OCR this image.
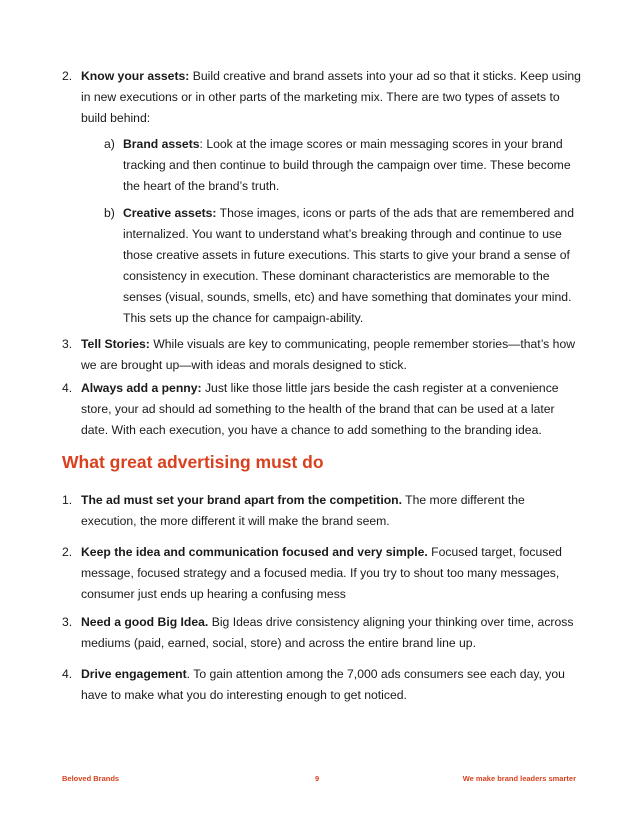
2. Know your assets: Build creative and brand assets into your ad so that it sticks. Keep using in new executions or in other parts of the marketing mix. There are two types of assets to build behind:
a) Brand assets: Look at the image scores or main messaging scores in your brand tracking and then continue to build through the campaign over time. These become the heart of the brand’s truth.
b) Creative assets: Those images, icons or parts of the ads that are remembered and internalized. You want to understand what’s breaking through and continue to use those creative assets in future executions. This starts to give your brand a sense of consistency in execution. These dominant characteristics are memorable to the senses (visual, sounds, smells, etc) and have something that dominates your mind. This sets up the chance for campaign-ability.
3. Tell Stories: While visuals are key to communicating, people remember stories—that’s how we are brought up—with ideas and morals designed to stick.
4. Always add a penny: Just like those little jars beside the cash register at a convenience store, your ad should ad something to the health of the brand that can be used at a later date. With each execution, you have a chance to add something to the branding idea.
What great advertising must do
1. The ad must set your brand apart from the competition. The more different the execution, the more different it will make the brand seem.
2. Keep the idea and communication focused and very simple. Focused target, focused message, focused strategy and a focused media. If you try to shout too many messages, consumer just ends up hearing a confusing mess
3. Need a good Big Idea. Big Ideas drive consistency aligning your thinking over time, across mediums (paid, earned, social, store) and across the entire brand line up.
4. Drive engagement. To gain attention among the 7,000 ads consumers see each day, you have to make what you do interesting enough to get noticed.
Beloved Brands	9	We make brand leaders smarter
